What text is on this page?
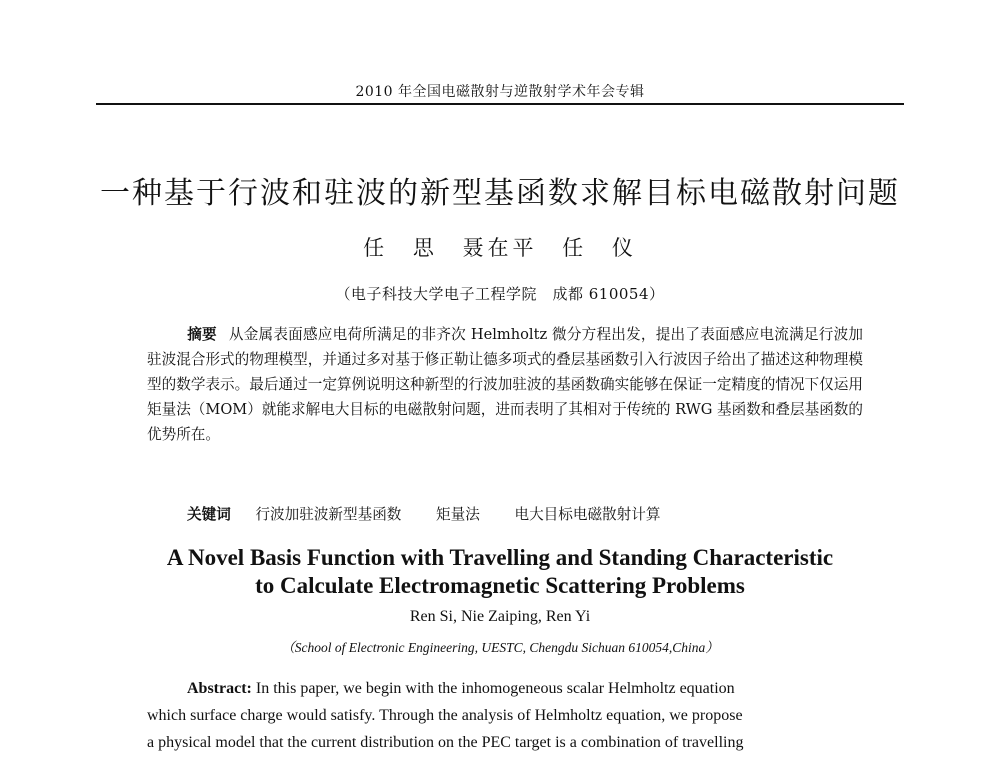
2010 年全国电磁散射与逆散射学术年会专辑
一种基于行波和驻波的新型基函数求解目标电磁散射问题
任 思 聂在平 任 仪
（电子科技大学电子工程学院　成都 610054）
摘要 从金属表面感应电荷所满足的非齐次 Helmholtz 微分方程出发，提出了表面感应电流满足行波加驻波混合形式的物理模型，并通过多对基于修正勒让德多项式的叠层基函数引入行波因子给出了描述这种物理模型的数学表示。最后通过一定算例说明这种新型的行波加驻波的基函数确实能够在保证一定精度的情况下仅运用矩量法（MOM）就能求解电大目标的电磁散射问题，进而表明了其相对于传统的 RWG 基函数和叠层基函数的优势所在。
关键词 行波加驻波新型基函数 矩量法 电大目标电磁散射计算
A Novel Basis Function with Travelling and Standing Characteristic
to Calculate Electromagnetic Scattering Problems
Ren Si, Nie Zaiping, Ren Yi
（School of Electronic Engineering, UESTC, Chengdu Sichuan 610054,China）
Abstract: In this paper, we begin with the inhomogeneous scalar Helmholtz equation
which surface charge would satisfy. Through the analysis of Helmholtz equation, we propose
a physical model that the current distribution on the PEC target is a combination of travelling
